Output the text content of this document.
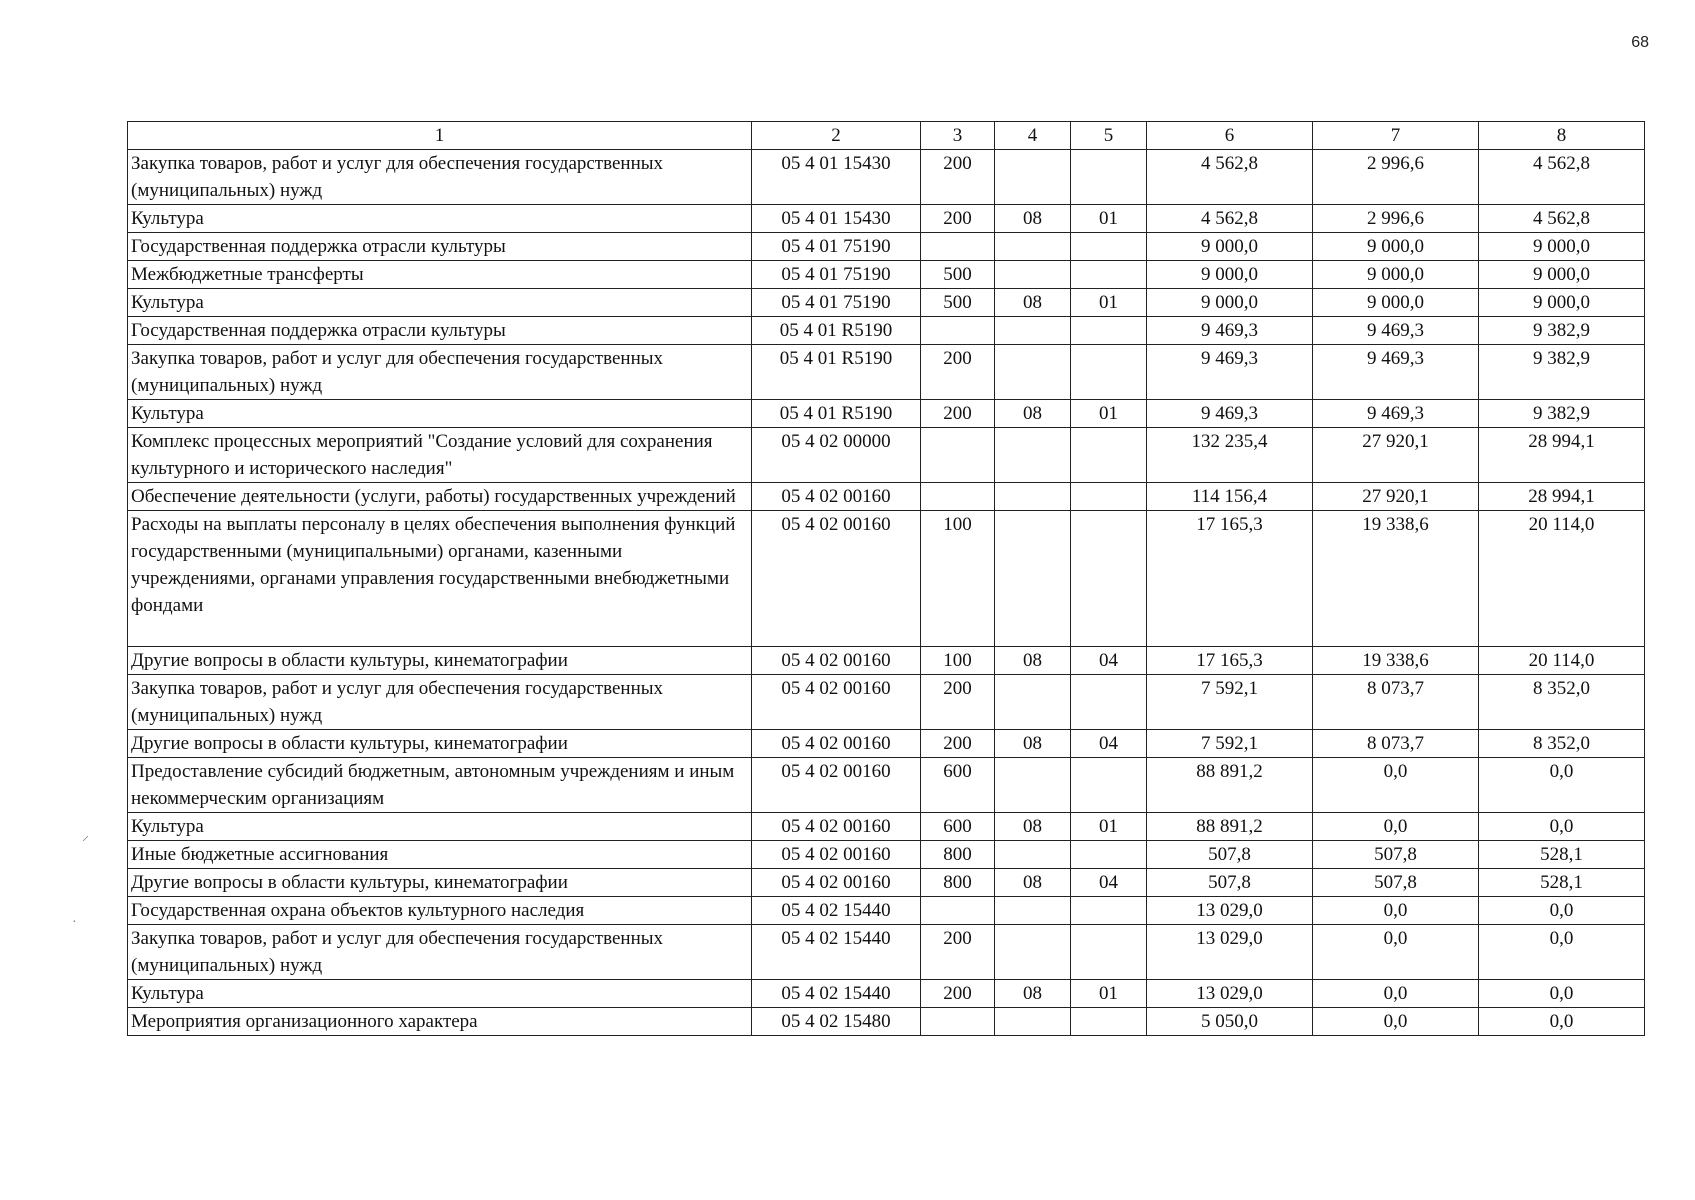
68
1	2	3	4	5	6	7	8
Закупка товаров, работ и услуг для обеспечения государственных (муниципальных) нужд	05 4 01 15430	200			4 562,8	2 996,6	4 562,8
Культура	05 4 01 15430	200	08	01	4 562,8	2 996,6	4 562,8
Государственная поддержка отрасли культуры	05 4 01 75190				9 000,0	9 000,0	9 000,0
Межбюджетные трансферты	05 4 01 75190	500			9 000,0	9 000,0	9 000,0
Культура	05 4 01 75190	500	08	01	9 000,0	9 000,0	9 000,0
Государственная поддержка отрасли культуры	05 4 01 R5190				9 469,3	9 469,3	9 382,9
Закупка товаров, работ и услуг для обеспечения государственных (муниципальных) нужд	05 4 01 R5190	200			9 469,3	9 469,3	9 382,9
Культура	05 4 01 R5190	200	08	01	9 469,3	9 469,3	9 382,9
Комплекс процессных мероприятий "Создание условий для сохранения культурного и исторического наследия"	05 4 02 00000				132 235,4	27 920,1	28 994,1
Обеспечение деятельности (услуги, работы) государственных учреждений	05 4 02 00160				114 156,4	27 920,1	28 994,1
Расходы на выплаты персоналу в целях обеспечения выполнения функций государственными (муниципальными) органами, казенными учреждениями, органами управления государственными внебюджетными фондами	05 4 02 00160	100			17 165,3	19 338,6	20 114,0
Другие вопросы в области культуры, кинематографии	05 4 02 00160	100	08	04	17 165,3	19 338,6	20 114,0
Закупка товаров, работ и услуг для обеспечения государственных (муниципальных) нужд	05 4 02 00160	200			7 592,1	8 073,7	8 352,0
Другие вопросы в области культуры, кинематографии	05 4 02 00160	200	08	04	7 592,1	8 073,7	8 352,0
Предоставление субсидий бюджетным, автономным учреждениям и иным некоммерческим организациям	05 4 02 00160	600			88 891,2	0,0	0,0
Культура	05 4 02 00160	600	08	01	88 891,2	0,0	0,0
Иные бюджетные ассигнования	05 4 02 00160	800			507,8	507,8	528,1
Другие вопросы в области культуры, кинематографии	05 4 02 00160	800	08	04	507,8	507,8	528,1
Государственная охрана объектов культурного наследия	05 4 02 15440				13 029,0	0,0	0,0
Закупка товаров, работ и услуг для обеспечения государственных (муниципальных) нужд	05 4 02 15440	200			13 029,0	0,0	0,0
Культура	05 4 02 15440	200	08	01	13 029,0	0,0	0,0
Мероприятия организационного характера	05 4 02 15480				5 050,0	0,0	0,0
⸝
·
